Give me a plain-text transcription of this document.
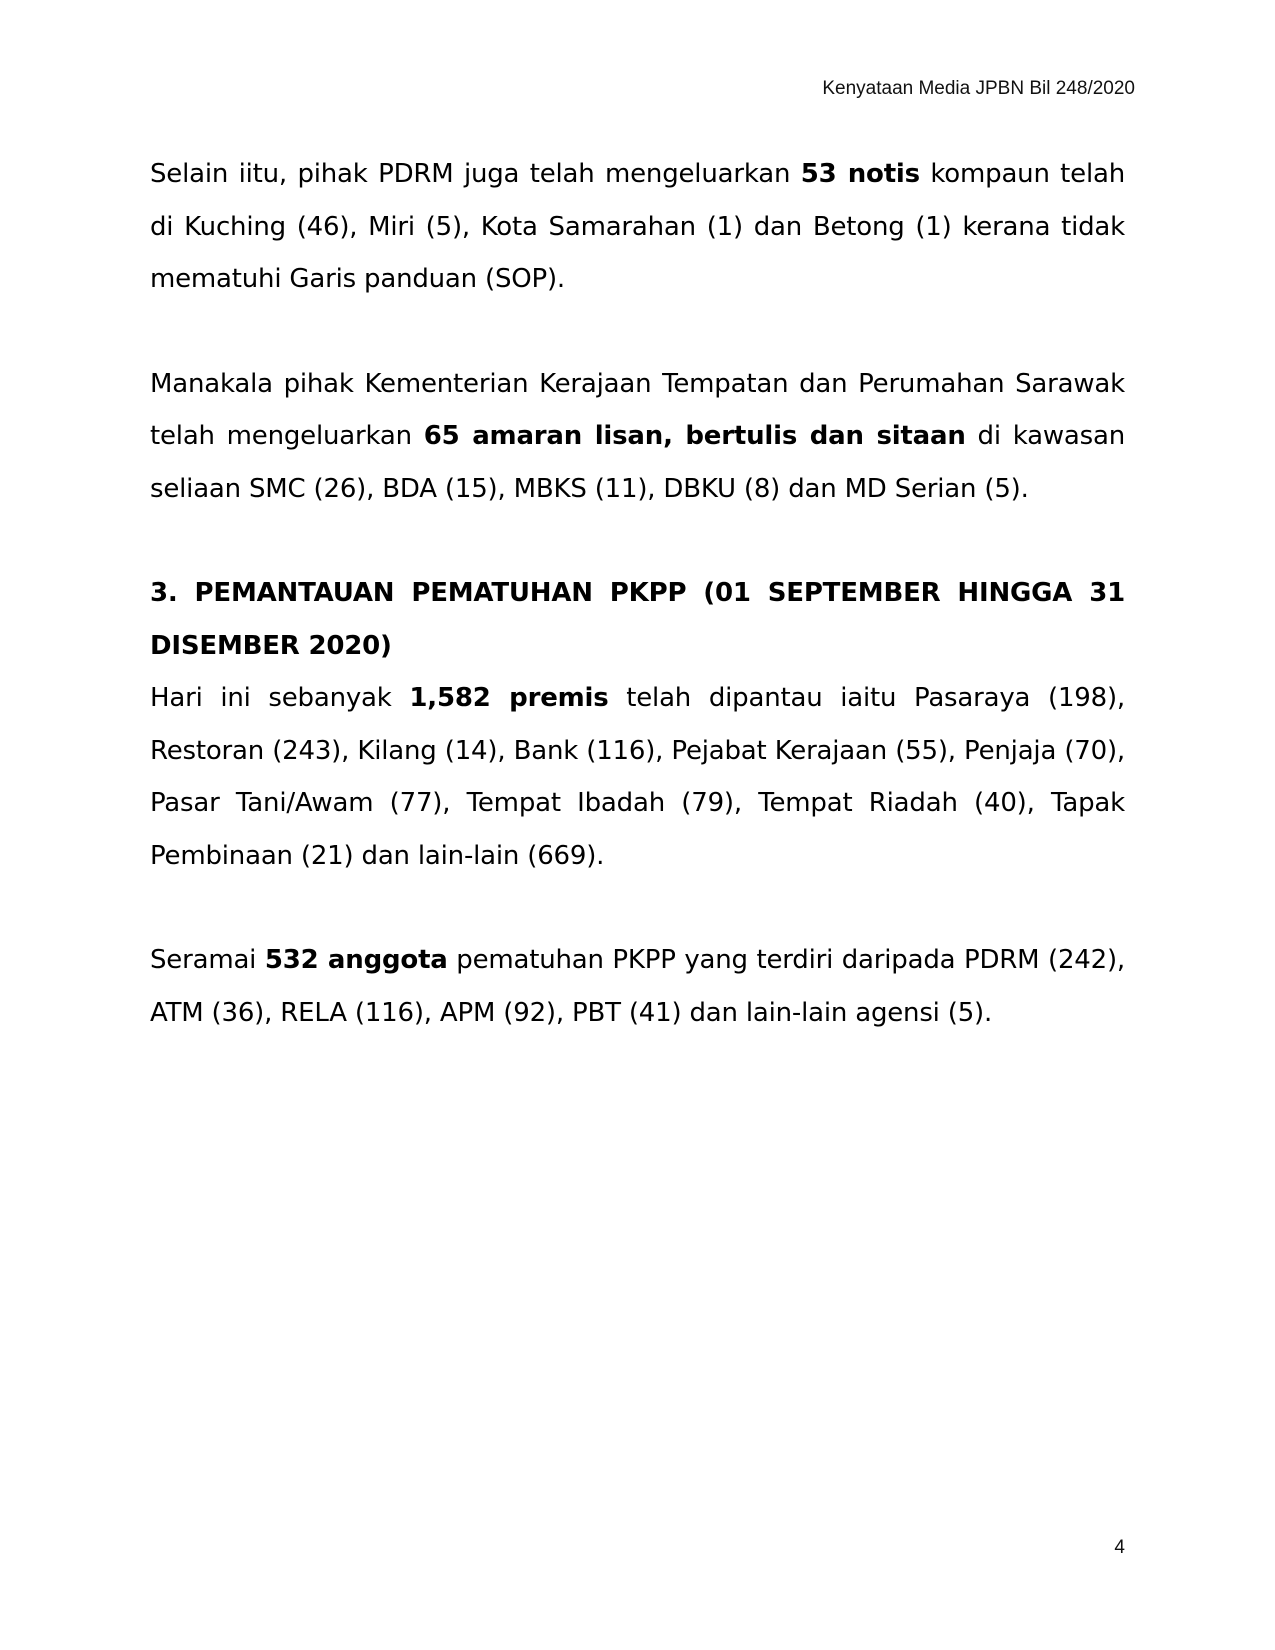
Kenyataan Media JPBN Bil 248/2020

Selain iitu, pihak PDRM juga telah mengeluarkan 53 notis kompaun telah di Kuching (46), Miri (5), Kota Samarahan (1) dan Betong (1) kerana tidak mematuhi Garis panduan (SOP).

Manakala pihak Kementerian Kerajaan Tempatan dan Perumahan Sarawak telah mengeluarkan 65 amaran lisan, bertulis dan sitaan di kawasan seliaan SMC (26), BDA (15), MBKS (11), DBKU (8) dan MD Serian (5).

3. PEMANTAUAN PEMATUHAN PKPP (01 SEPTEMBER HINGGA 31 DISEMBER 2020)

Hari ini sebanyak 1,582 premis telah dipantau iaitu Pasaraya (198), Restoran (243), Kilang (14), Bank (116), Pejabat Kerajaan (55), Penjaja (70), Pasar Tani/Awam (77), Tempat Ibadah (79), Tempat Riadah (40), Tapak Pembinaan (21) dan lain-lain (669).

Seramai 532 anggota pematuhan PKPP yang terdiri daripada PDRM (242), ATM (36), RELA (116), APM (92), PBT (41) dan lain-lain agensi (5).

4
